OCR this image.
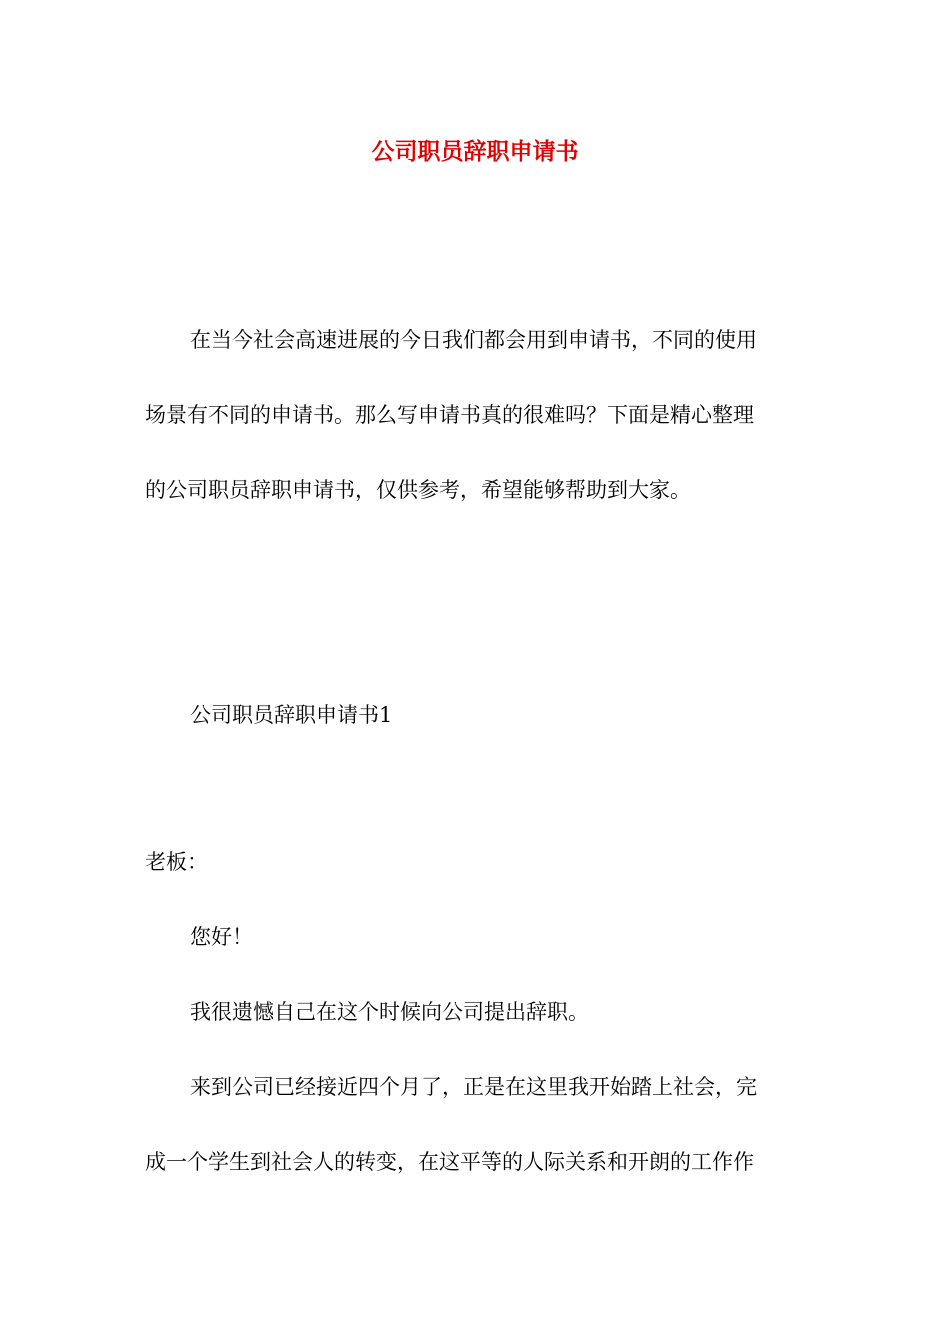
公司职员辞职申请书

在当今社会高速进展的今日我们都会用到申请书，不同的使用

场景有不同的申请书。那么写申请书真的很难吗？下面是精心整理

的公司职员辞职申请书，仅供参考，希望能够帮助到大家。

公司职员辞职申请书1

老板：

您好！

我很遗憾自己在这个时候向公司提出辞职。

来到公司已经接近四个月了，正是在这里我开始踏上社会，完

成一个学生到社会人的转变，在这平等的人际关系和开朗的工作作
